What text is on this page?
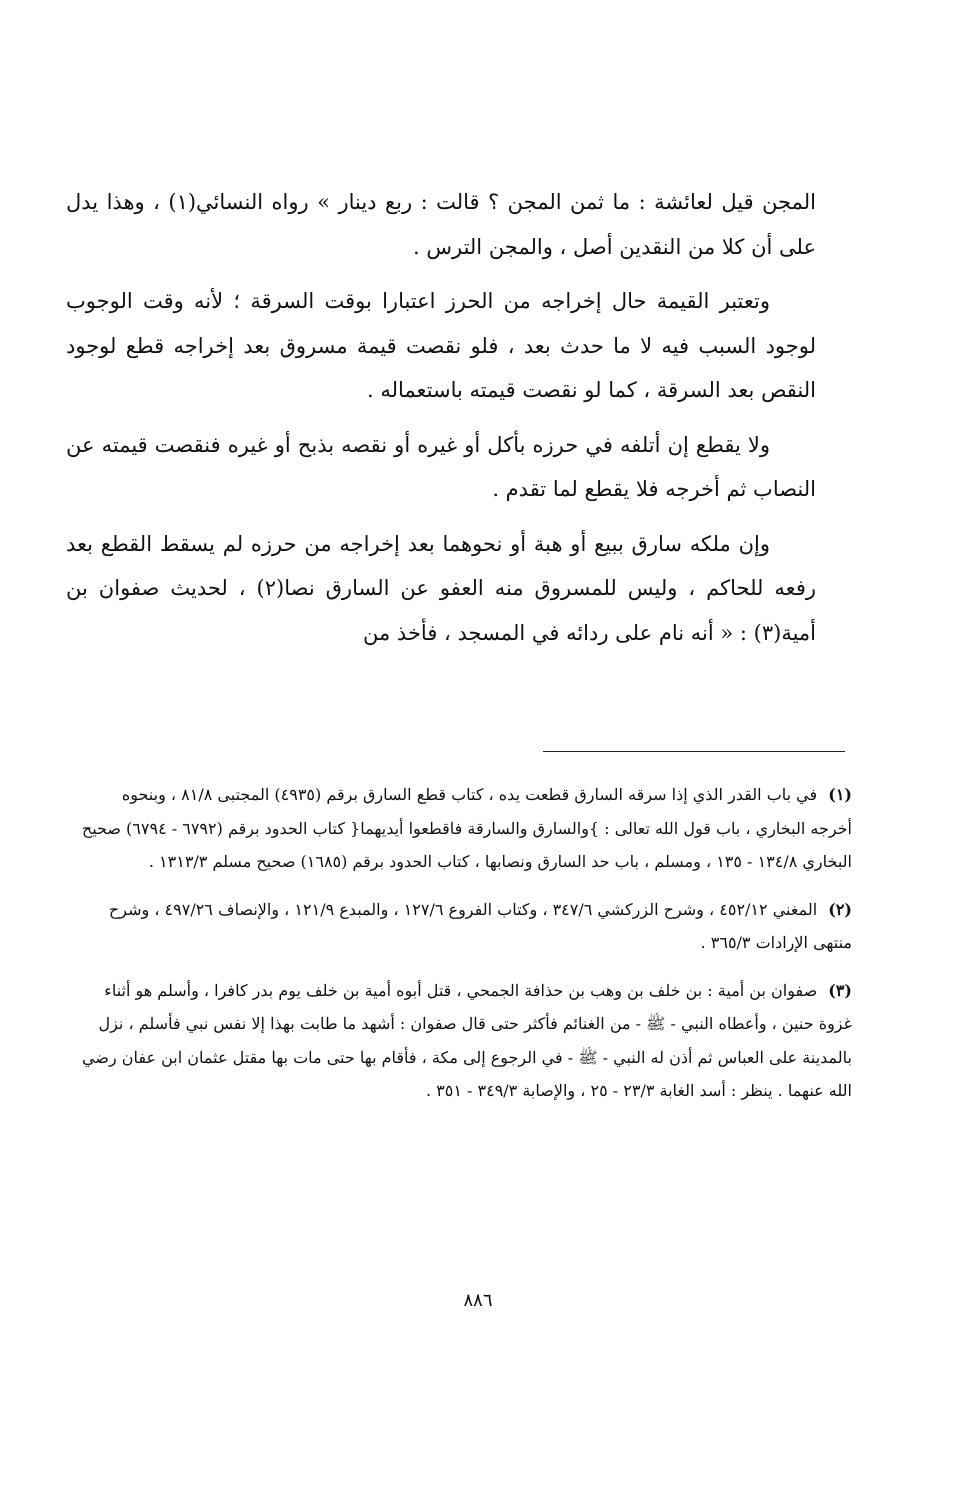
المجن قيل لعائشة : ما ثمن المجن ؟ قالت : ربع دينار » رواه النسائي(١) ، وهذا يدل على أن كلا من النقدين أصل ، والمجن الترس .

وتعتبر القيمة حال إخراجه من الحرز اعتبارا بوقت السرقة ؛ لأنه وقت الوجوب لوجود السبب فيه لا ما حدث بعد ، فلو نقصت قيمة مسروق بعد إخراجه قطع لوجود النقص بعد السرقة ، كما لو نقصت قيمته باستعماله .

ولا يقطع إن أتلفه في حرزه بأكل أو غيره أو نقصه بذبح أو غيره فنقصت قيمته عن النصاب ثم أخرجه فلا يقطع لما تقدم .

وإن ملكه سارق ببيع أو هبة أو نحوهما بعد إخراجه من حرزه لم يسقط القطع بعد رفعه للحاكم ، وليس للمسروق منه العفو عن السارق نصا(٢) ، لحديث صفوان بن أمية(٣) : « أنه نام على ردائه في المسجد ، فأخذ من

(١) في باب القدر الذي إذا سرقه السارق قطعت يده ، كتاب قطع السارق برقم (٤٩٣٥) المجتبى ٨١/٨ ، وبنحوه أخرجه البخاري ، باب قول الله تعالى : }والسارق والسارقة فاقطعوا أيديهما{ كتاب الحدود برقم (٦٧٩٢ - ٦٧٩٤) صحيح البخاري ١٣٤/٨ - ١٣٥ ، ومسلم ، باب حد السارق ونصابها ، كتاب الحدود برقم (١٦٨٥) صحيح مسلم ١٣١٣/٣ .
(٢) المغني ٤٥٢/١٢ ، وشرح الزركشي ٣٤٧/٦ ، وكتاب الفروع ١٢٧/٦ ، والمبدع ١٢١/٩ ، والإنصاف ٤٩٧/٢٦ ، وشرح منتهى الإرادات ٣٦٥/٣ .
(٣) صفوان بن أمية : بن خلف بن وهب بن حذافة الجمحي ، قتل أبوه أمية بن خلف يوم بدر كافرا ، وأسلم هو أثناء غزوة حنين ، وأعطاه النبي - ﷺ - من الغنائم فأكثر حتى قال صفوان : أشهد ما طابت بهذا إلا نفس نبي فأسلم ، نزل بالمدينة على العباس ثم أذن له النبي - ﷺ - في الرجوع إلى مكة ، فأقام بها حتى مات بها مقتل عثمان ابن عفان رضي الله عنهما . ينظر : أسد الغابة ٢٣/٣ - ٢٥ ، والإصابة ٣٤٩/٣ - ٣٥١ .
٨٨٦
